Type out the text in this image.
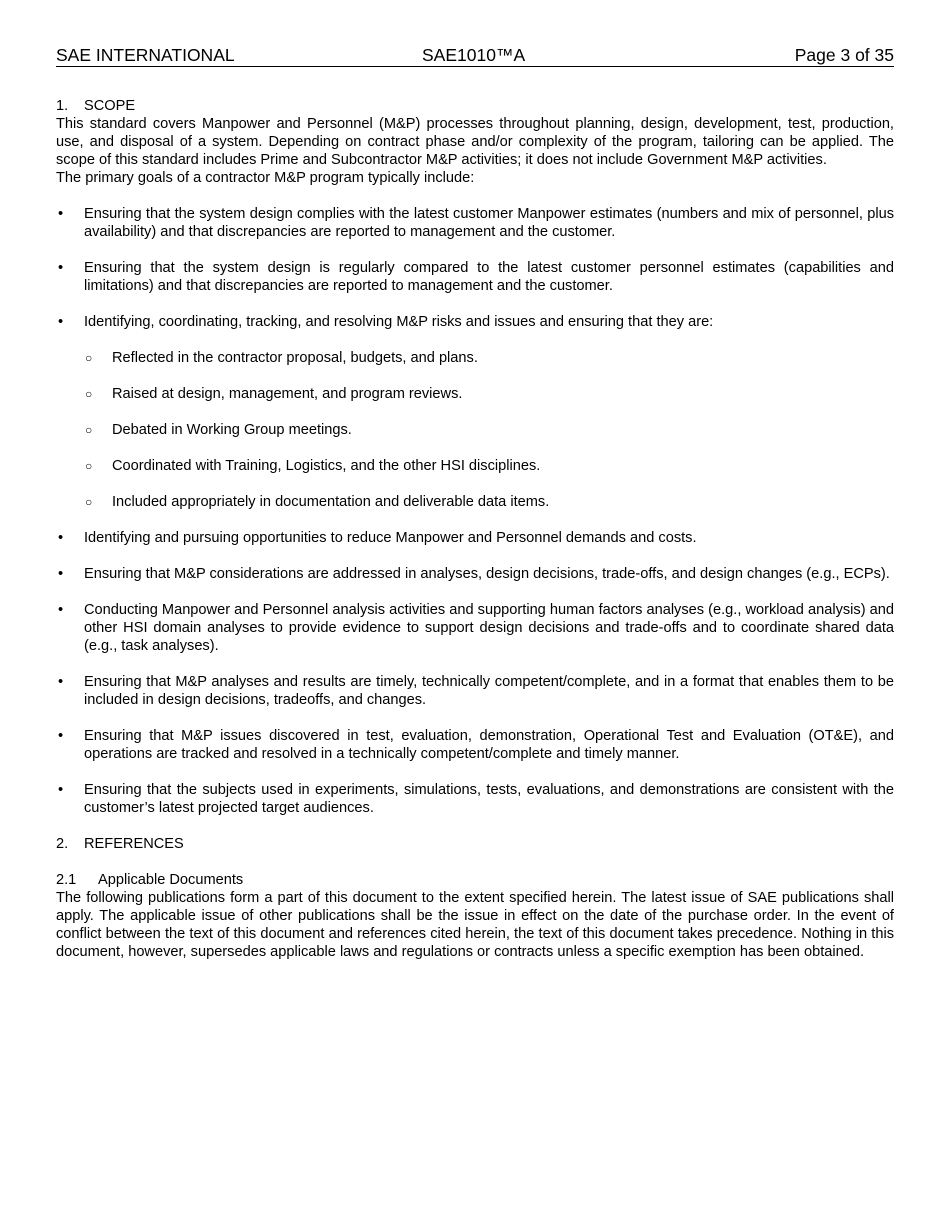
SAE INTERNATIONAL	SAE1010™A	Page 3 of 35
1. SCOPE

This standard covers Manpower and Personnel (M&P) processes throughout planning, design, development, test, production, use, and disposal of a system. Depending on contract phase and/or complexity of the program, tailoring can be applied. The scope of this standard includes Prime and Subcontractor M&P activities; it does not include Government M&P activities.

The primary goals of a contractor M&P program typically include:

• Ensuring that the system design complies with the latest customer Manpower estimates (numbers and mix of personnel, plus availability) and that discrepancies are reported to management and the customer.
• Ensuring that the system design is regularly compared to the latest customer personnel estimates (capabilities and limitations) and that discrepancies are reported to management and the customer.
• Identifying, coordinating, tracking, and resolving M&P risks and issues and ensuring that they are:
○ Reflected in the contractor proposal, budgets, and plans.
○ Raised at design, management, and program reviews.
○ Debated in Working Group meetings.
○ Coordinated with Training, Logistics, and the other HSI disciplines.
○ Included appropriately in documentation and deliverable data items.
• Identifying and pursuing opportunities to reduce Manpower and Personnel demands and costs.
• Ensuring that M&P considerations are addressed in analyses, design decisions, trade-offs, and design changes (e.g., ECPs).
• Conducting Manpower and Personnel analysis activities and supporting human factors analyses (e.g., workload analysis) and other HSI domain analyses to provide evidence to support design decisions and trade-offs and to coordinate shared data (e.g., task analyses).
• Ensuring that M&P analyses and results are timely, technically competent/complete, and in a format that enables them to be included in design decisions, tradeoffs, and changes.
• Ensuring that M&P issues discovered in test, evaluation, demonstration, Operational Test and Evaluation (OT&E), and operations are tracked and resolved in a technically competent/complete and timely manner.
• Ensuring that the subjects used in experiments, simulations, tests, evaluations, and demonstrations are consistent with the customer’s latest projected target audiences.
2. REFERENCES
2.1 Applicable Documents

The following publications form a part of this document to the extent specified herein. The latest issue of SAE publications shall apply. The applicable issue of other publications shall be the issue in effect on the date of the purchase order. In the event of conflict between the text of this document and references cited herein, the text of this document takes precedence. Nothing in this document, however, supersedes applicable laws and regulations or contracts unless a specific exemption has been obtained.
